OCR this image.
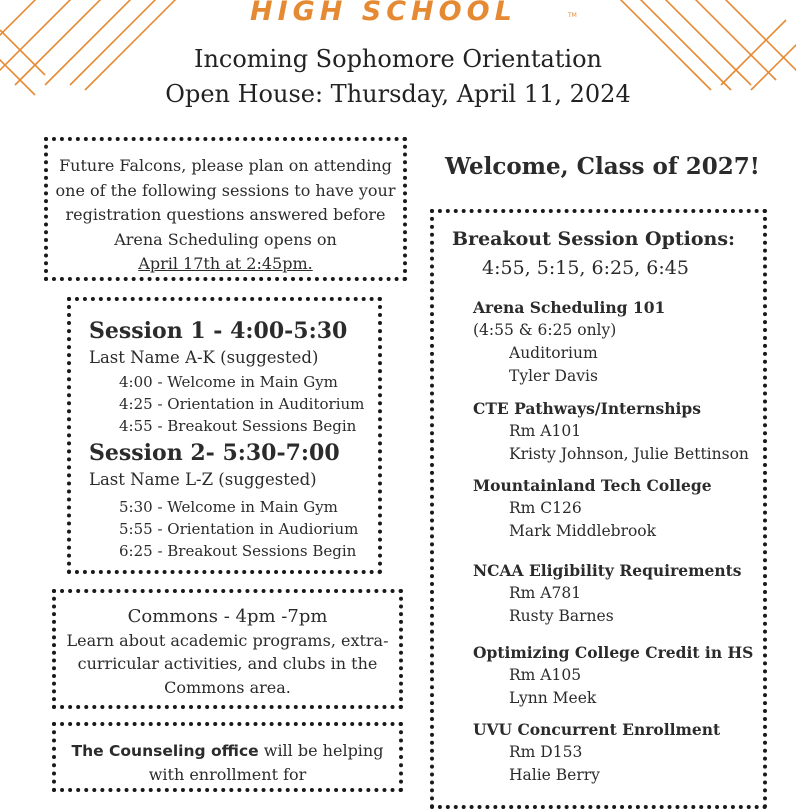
HIGH SCHOOL	TM
Incoming Sophomore Orientation
Open House: Thursday, April 11, 2024
Future Falcons, please plan on attending
one of the following sessions to have your
registration questions answered before
Arena Scheduling opens on
April 17th at 2:45pm.
Session 1 - 4:00-5:30
Last Name A-K (suggested)
4:00 - Welcome in Main Gym
4:25 - Orientation in Auditorium
4:55 - Breakout Sessions Begin
Session 2- 5:30-7:00
Last Name L-Z (suggested)
5:30 - Welcome in Main Gym
5:55 - Orientation in Audiorium
6:25 - Breakout Sessions Begin
Commons - 4pm -7pm
Learn about academic programs, extra-
curricular activities, and clubs in the
Commons area.
The Counseling office will be helping
with enrollment for
Welcome, Class of 2027!
Breakout Session Options:
4:55, 5:15, 6:25, 6:45
Arena Scheduling 101
(4:55 & 6:25 only)
Auditorium
Tyler Davis
CTE Pathways/Internships
Rm A101
Kristy Johnson, Julie Bettinson
Mountainland Tech College
Rm C126
Mark Middlebrook
NCAA Eligibility Requirements
Rm A781
Rusty Barnes
Optimizing College Credit in HS
Rm A105
Lynn Meek
UVU Concurrent Enrollment
Rm D153
Halie Berry
